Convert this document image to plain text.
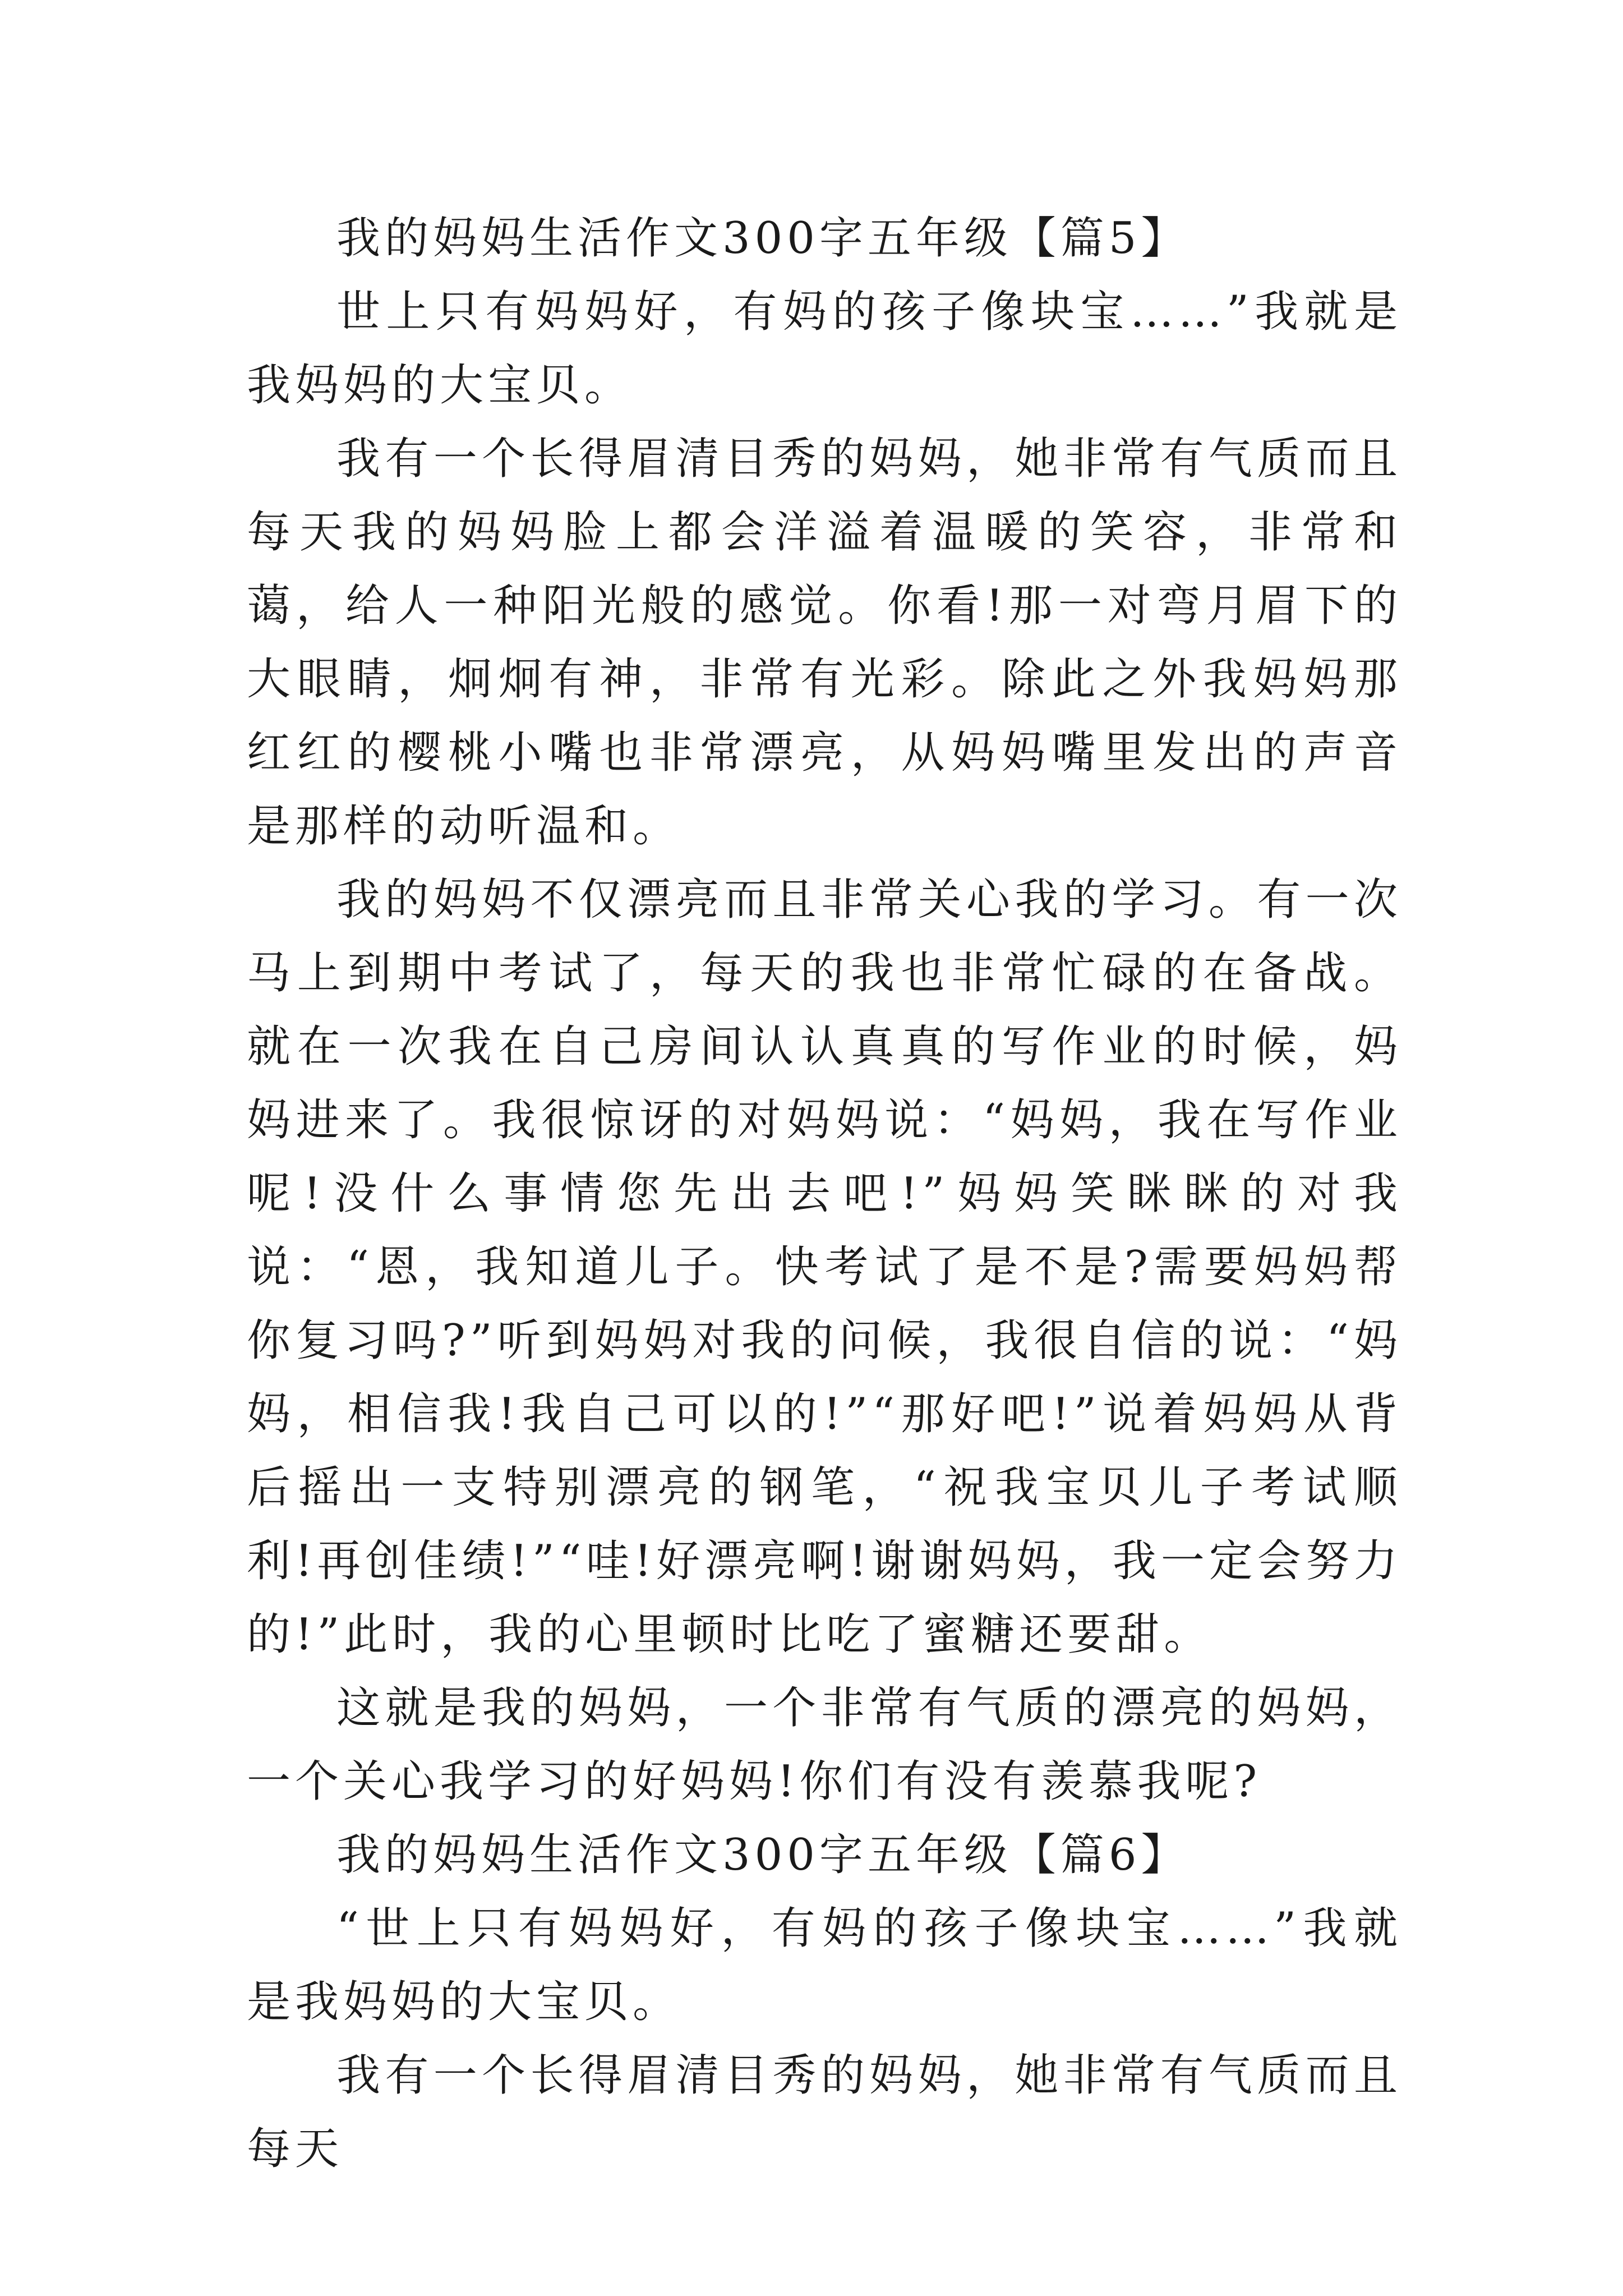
我的妈妈生活作文300字五年级【篇5】

世上只有妈妈好，有妈的孩子像块宝……”我就是我妈妈的大宝贝。

我有一个长得眉清目秀的妈妈，她非常有气质而且每天我的妈妈脸上都会洋溢着温暖的笑容，非常和蔼，给人一种阳光般的感觉。你看!那一对弯月眉下的大眼睛，炯炯有神，非常有光彩。除此之外我妈妈那红红的樱桃小嘴也非常漂亮，从妈妈嘴里发出的声音是那样的动听温和。

我的妈妈不仅漂亮而且非常关心我的学习。有一次马上到期中考试了，每天的我也非常忙碌的在备战。就在一次我在自己房间认认真真的写作业的时候，妈妈进来了。我很惊讶的对妈妈说：“妈妈，我在写作业呢!没什么事情您先出去吧!”妈妈笑眯眯的对我说：“恩，我知道儿子。快考试了是不是?需要妈妈帮你复习吗?”听到妈妈对我的问候，我很自信的说：“妈妈，相信我!我自己可以的!”“那好吧!”说着妈妈从背后摇出一支特别漂亮的钢笔，“祝我宝贝儿子考试顺利!再创佳绩!”“哇!好漂亮啊!谢谢妈妈，我一定会努力的!”此时，我的心里顿时比吃了蜜糖还要甜。

这就是我的妈妈，一个非常有气质的漂亮的妈妈，一个关心我学习的好妈妈!你们有没有羡慕我呢?

我的妈妈生活作文300字五年级【篇6】

“世上只有妈妈好，有妈的孩子像块宝……”我就是我妈妈的大宝贝。

我有一个长得眉清目秀的妈妈，她非常有气质而且每天
